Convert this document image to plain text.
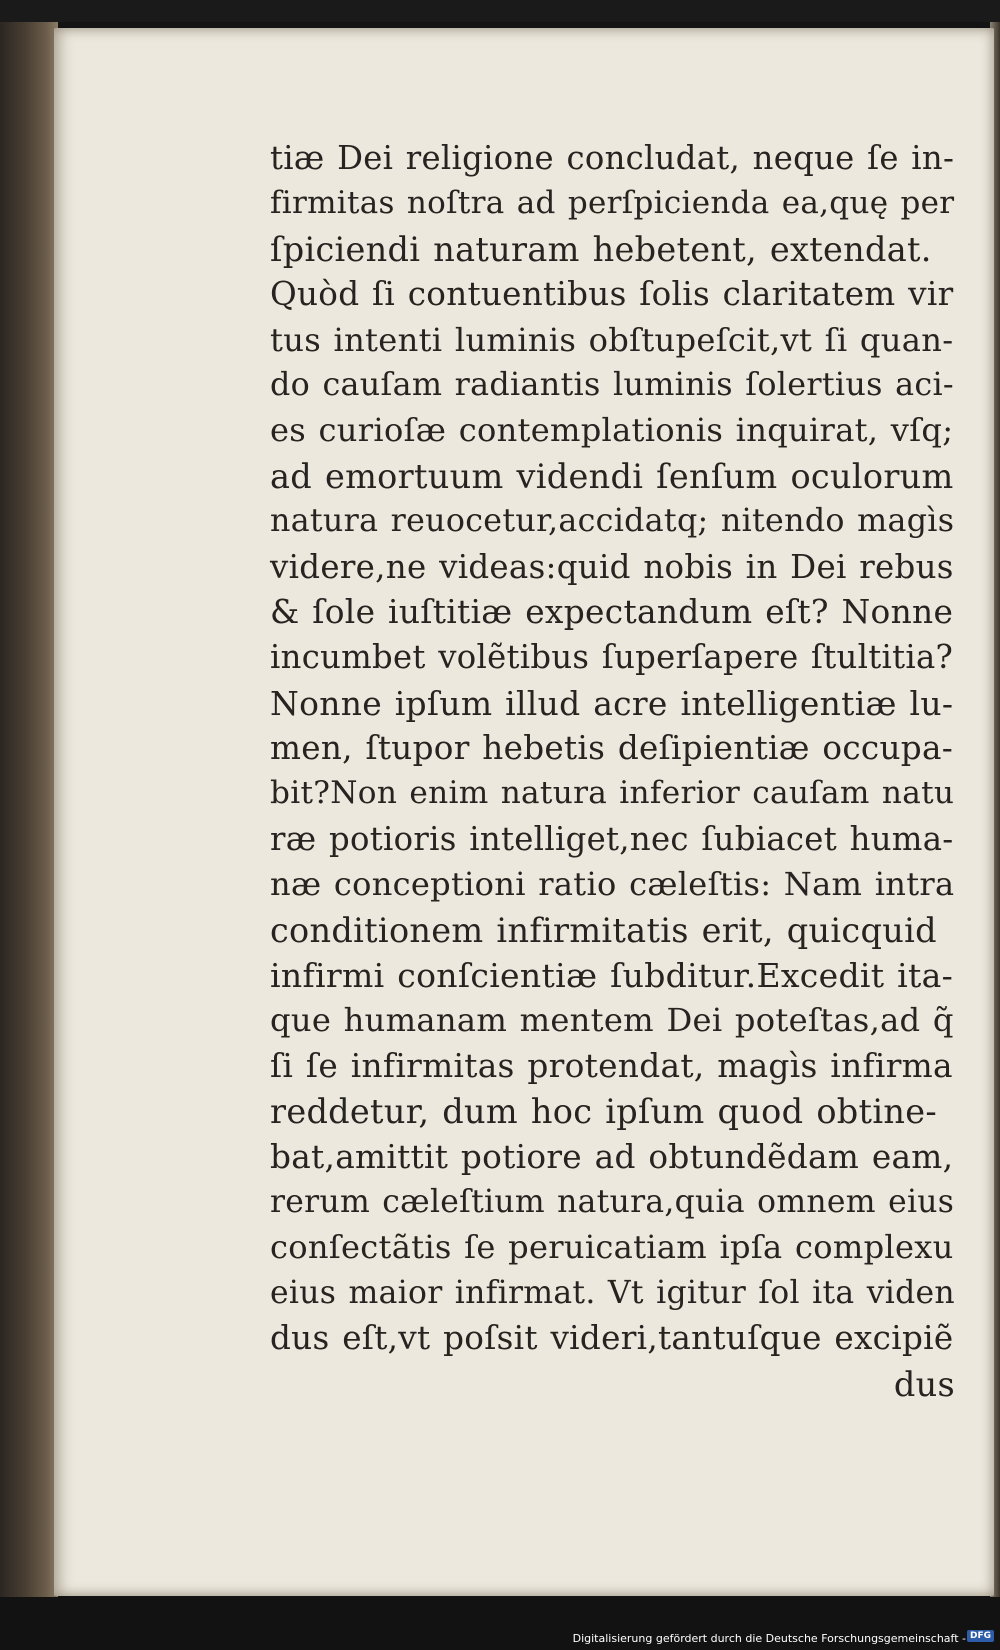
tiæ Dei religione concludat, neque ſe in-
firmitas noſtra ad perſpicienda ea,quę per
ſpiciendi naturam hebetent, extendat.
Quòd ſi contuentibus ſolis claritatem vir
tus intenti luminis obſtupeſcit,vt ſi quan-
do cauſam radiantis luminis ſolertius aci-
es curioſæ contemplationis inquirat, vſq;
ad emortuum videndi ſenſum oculorum
natura reuocetur,accidatq; nitendo magìs
videre,ne videas:quid nobis in Dei rebus
& ſole iuſtitiæ expectandum eſt? Nonne
incumbet volẽtibus ſuperſapere ſtultitia?
Nonne ipſum illud acre intelligentiæ lu-
men, ſtupor hebetis deſipientiæ occupa-
bit?Non enim natura inferior cauſam natu
ræ potioris intelliget,nec ſubiacet huma-
næ conceptioni ratio cæleſtis: Nam intra
conditionem infirmitatis erit, quicquid
infirmi conſcientiæ ſubditur.Excedit ita-
que humanam mentem Dei poteſtas,ad q̃
ſi ſe infirmitas protendat, magìs infirma
reddetur, dum hoc ipſum quod obtine-
bat,amittit potiore ad obtundẽdam eam,
rerum cæleſtium natura,quia omnem eius
conſectãtis ſe peruicatiam ipſa complexu
eius maior infirmat. Vt igitur ſol ita viden
dus eſt,vt poſsit videri,tantuſque excipiẽ
dus
Digitalisierung gefördert durch die Deutsche Forschungsgemeinschaft - DFG
